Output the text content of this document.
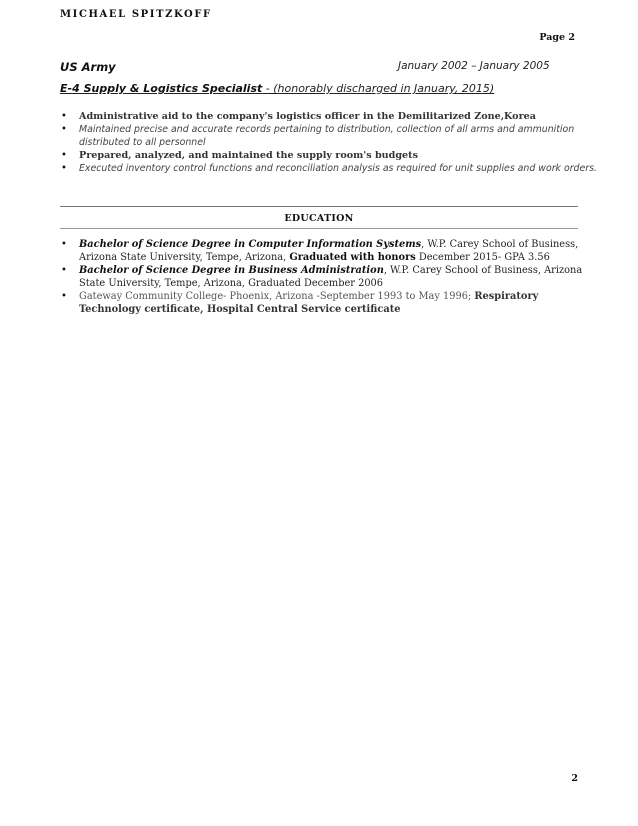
MICHAEL SPITZKOFF
Page 2
US Army	January 2002 – January 2005
E-4 Supply & Logistics Specialist - (honorably discharged in January, 2015)
• Administrative aid to the company's logistics officer in the Demilitarized Zone,Korea
• Maintained precise and accurate records pertaining to distribution, collection of all arms and ammunition distributed to all personnel
• Prepared, analyzed, and maintained the supply room's budgets
• Executed inventory control functions and reconciliation analysis as required for unit supplies and work orders.
EDUCATION
• Bachelor of Science Degree in Computer Information Systems, W.P. Carey School of Business, Arizona State University, Tempe, Arizona, Graduated with honors December 2015- GPA 3.56
• Bachelor of Science Degree in Business Administration, W.P. Carey School of Business, Arizona State University, Tempe, Arizona, Graduated December 2006
• Gateway Community College- Phoenix, Arizona -September 1993 to May 1996; Respiratory Technology certificate, Hospital Central Service certificate
2
